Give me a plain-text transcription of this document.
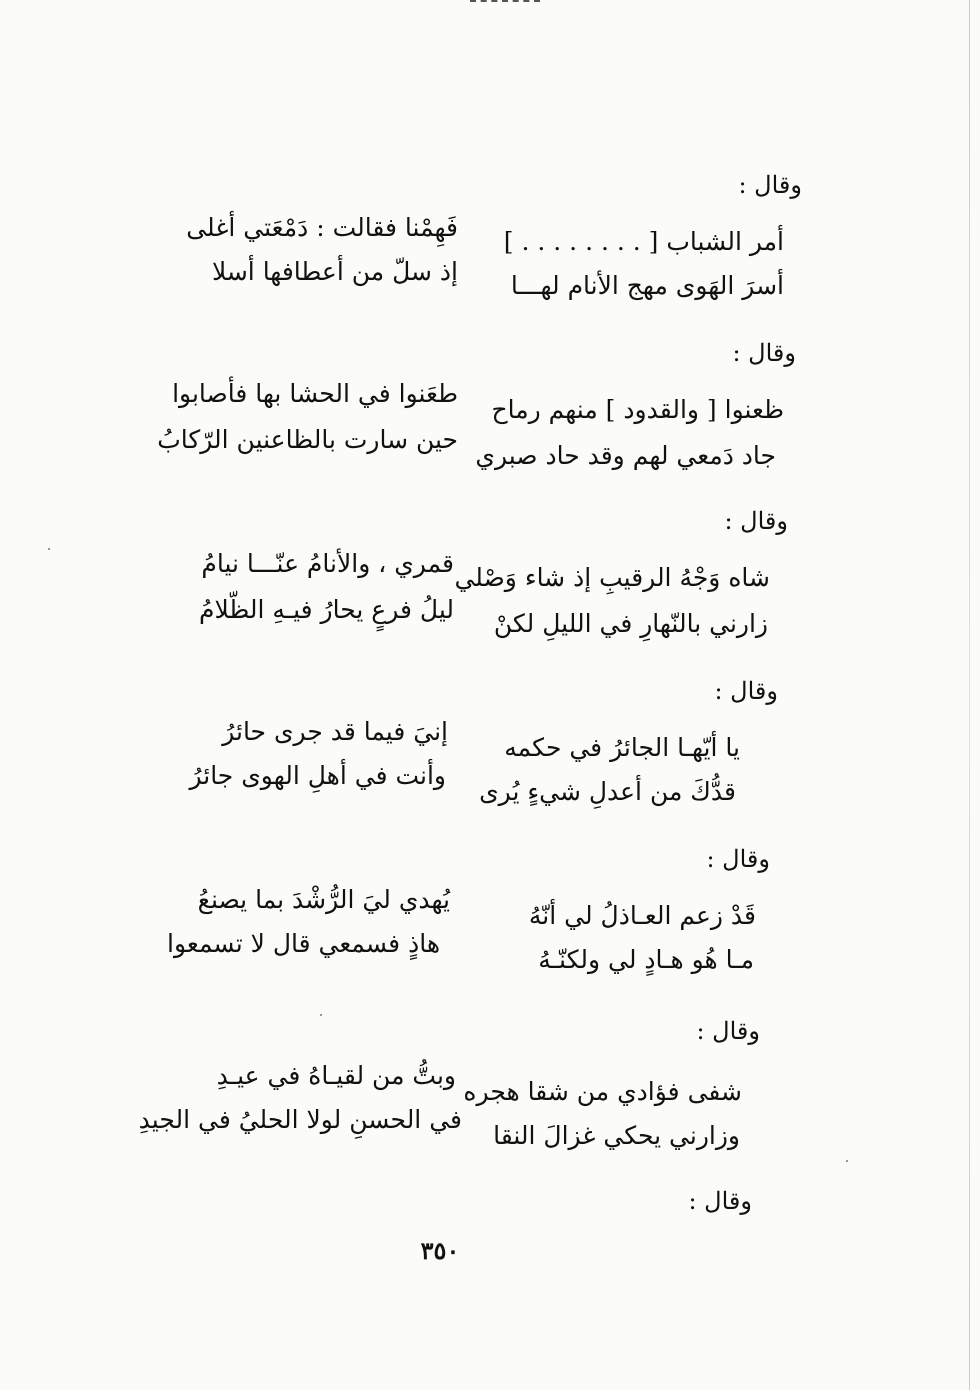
وقال :
أمر الشباب [ . . . . . . . . ]
فَهِمْنا فقالت : دَمْعَتي أغلى
أسرَ الهَوى مهج الأنام لهـــا
إذ سلّ من أعطافها أسلا
وقال :
ظعنوا [ والقدود ] منهم رماح
طعَنوا في الحشا بها فأصابوا
جاد دَمعي لهم وقد حاد صبري
حين سارت بالظاعنين الرّكابُ
وقال :
شاه وَجْهُ الرقيبِ إذ شاء وَصْلي
قمري ، والأنامُ عنّـــا نيامُ
زارني بالنّهارِ في الليلِ لكنْ
ليلُ فرعٍ يحارُ فيـهِ الظّلامُ
وقال :
يا أيّهـا الجائرُ في حكمه
إنيَ فيما قد جرى حائرُ
قدُّكَ من أعدلِ شيءٍ يُرى
وأنت في أهلِ الهوى جائرُ
وقال :
قَدْ زعم العـاذلُ لي أنّهُ
يُهدي ليَ الرُّشْدَ بما يصنعُ
مـا هُو هـادٍ لي ولكنّـهُ
هاذٍ فسمعي قال لا تسمعوا
وقال :
شفى فؤادي من شقا هجره
وبتُّ من لقيـاهُ في عيـدِ
وزارني يحكي غزالَ النقا
في الحسنِ لولا الحليُ في الجيدِ
وقال :
٣٥٠
